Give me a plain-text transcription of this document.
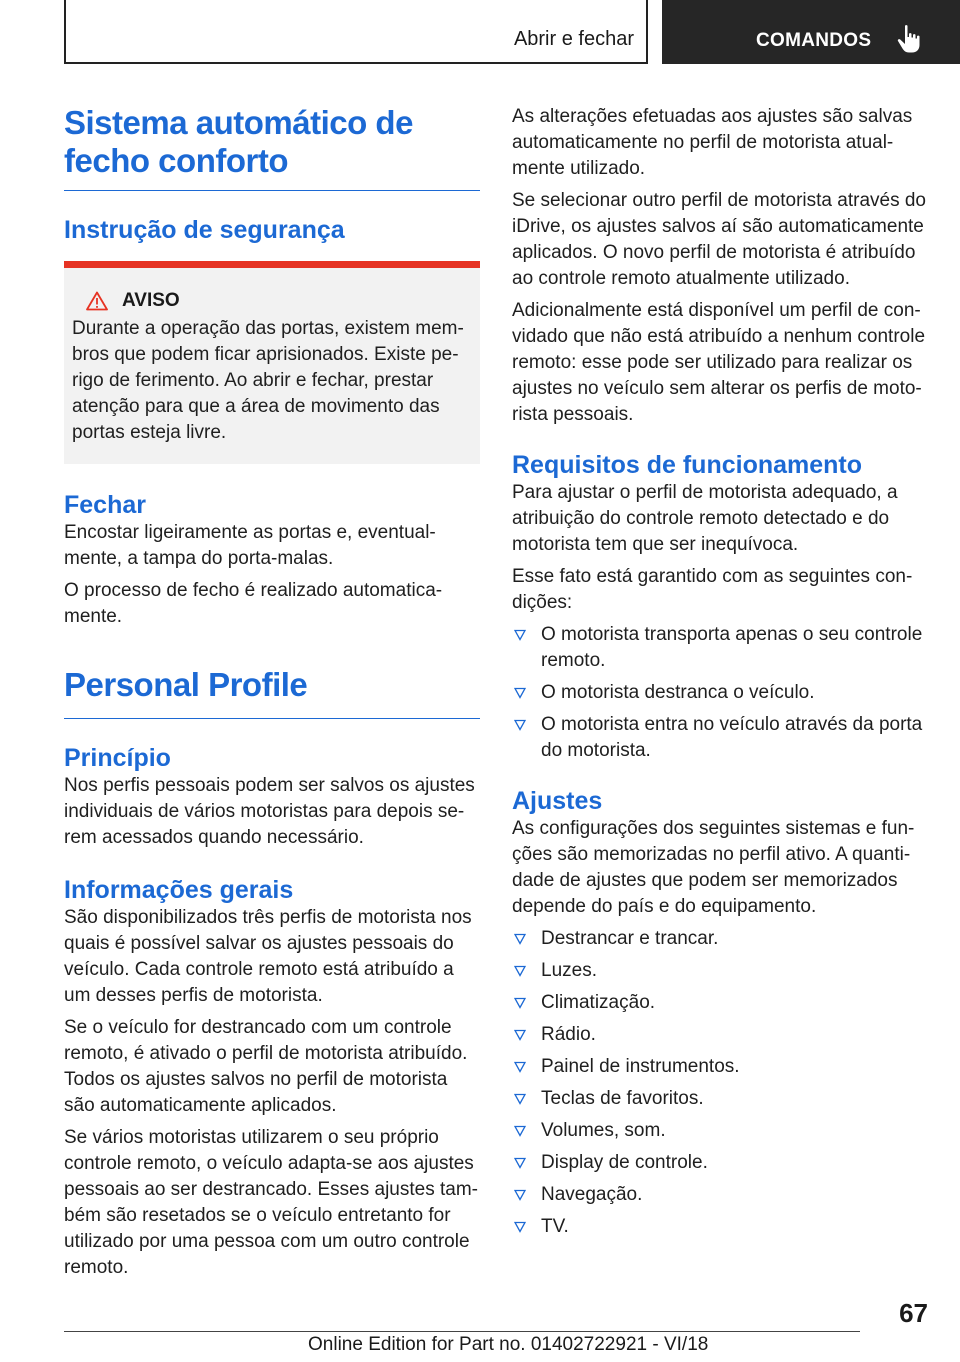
Abrir e fechar	COMANDOS
Sistema automático de fecho conforto
Instrução de segurança
AVISO

Durante a operação das portas, existem mem-bros que podem ficar aprisionados. Existe pe-rigo de ferimento. Ao abrir e fechar, prestar atenção para que a área de movimento das portas esteja livre.

Fechar

Encostar ligeiramente as portas e, eventual-mente, a tampa do porta-malas.

O processo de fecho é realizado automatica-mente.

Personal Profile
Princípio

Nos perfis pessoais podem ser salvos os ajustes individuais de vários motoristas para depois se-rem acessados quando necessário.

Informações gerais

São disponibilizados três perfis de motorista nos quais é possível salvar os ajustes pessoais do veículo. Cada controle remoto está atribuído a um desses perfis de motorista.

Se o veículo for destrancado com um controle remoto, é ativado o perfil de motorista atribuído. Todos os ajustes salvos no perfil de motorista são automaticamente aplicados.

Se vários motoristas utilizarem o seu próprio controle remoto, o veículo adapta-se aos ajustes pessoais ao ser destrancado. Esses ajustes tam-bém são resetados se o veículo entretanto for utilizado por uma pessoa com um outro controle remoto.

As alterações efetuadas aos ajustes são salvas automaticamente no perfil de motorista atual-mente utilizado.

Se selecionar outro perfil de motorista através do iDrive, os ajustes salvos aí são automaticamente aplicados. O novo perfil de motorista é atribuído ao controle remoto atualmente utilizado.

Adicionalmente está disponível um perfil de con-vidado que não está atribuído a nenhum controle remoto: esse pode ser utilizado para realizar os ajustes no veículo sem alterar os perfis de moto-rista pessoais.

Requisitos de funcionamento

Para ajustar o perfil de motorista adequado, a atribuição do controle remoto detectado e do motorista tem que ser inequívoca.

Esse fato está garantido com as seguintes con-dições:

O motorista transporta apenas o seu controle remoto.
O motorista destranca o veículo.
O motorista entra no veículo através da porta do motorista.
Ajustes

As configurações dos seguintes sistemas e fun-ções são memorizadas no perfil ativo. A quanti-dade de ajustes que podem ser memorizados depende do país e do equipamento.

Destrancar e trancar.
Luzes.
Climatização.
Rádio.
Painel de instrumentos.
Teclas de favoritos.
Volumes, som.
Display de controle.
Navegação.
TV.
67
Online Edition for Part no. 01402722921 - VI/18
